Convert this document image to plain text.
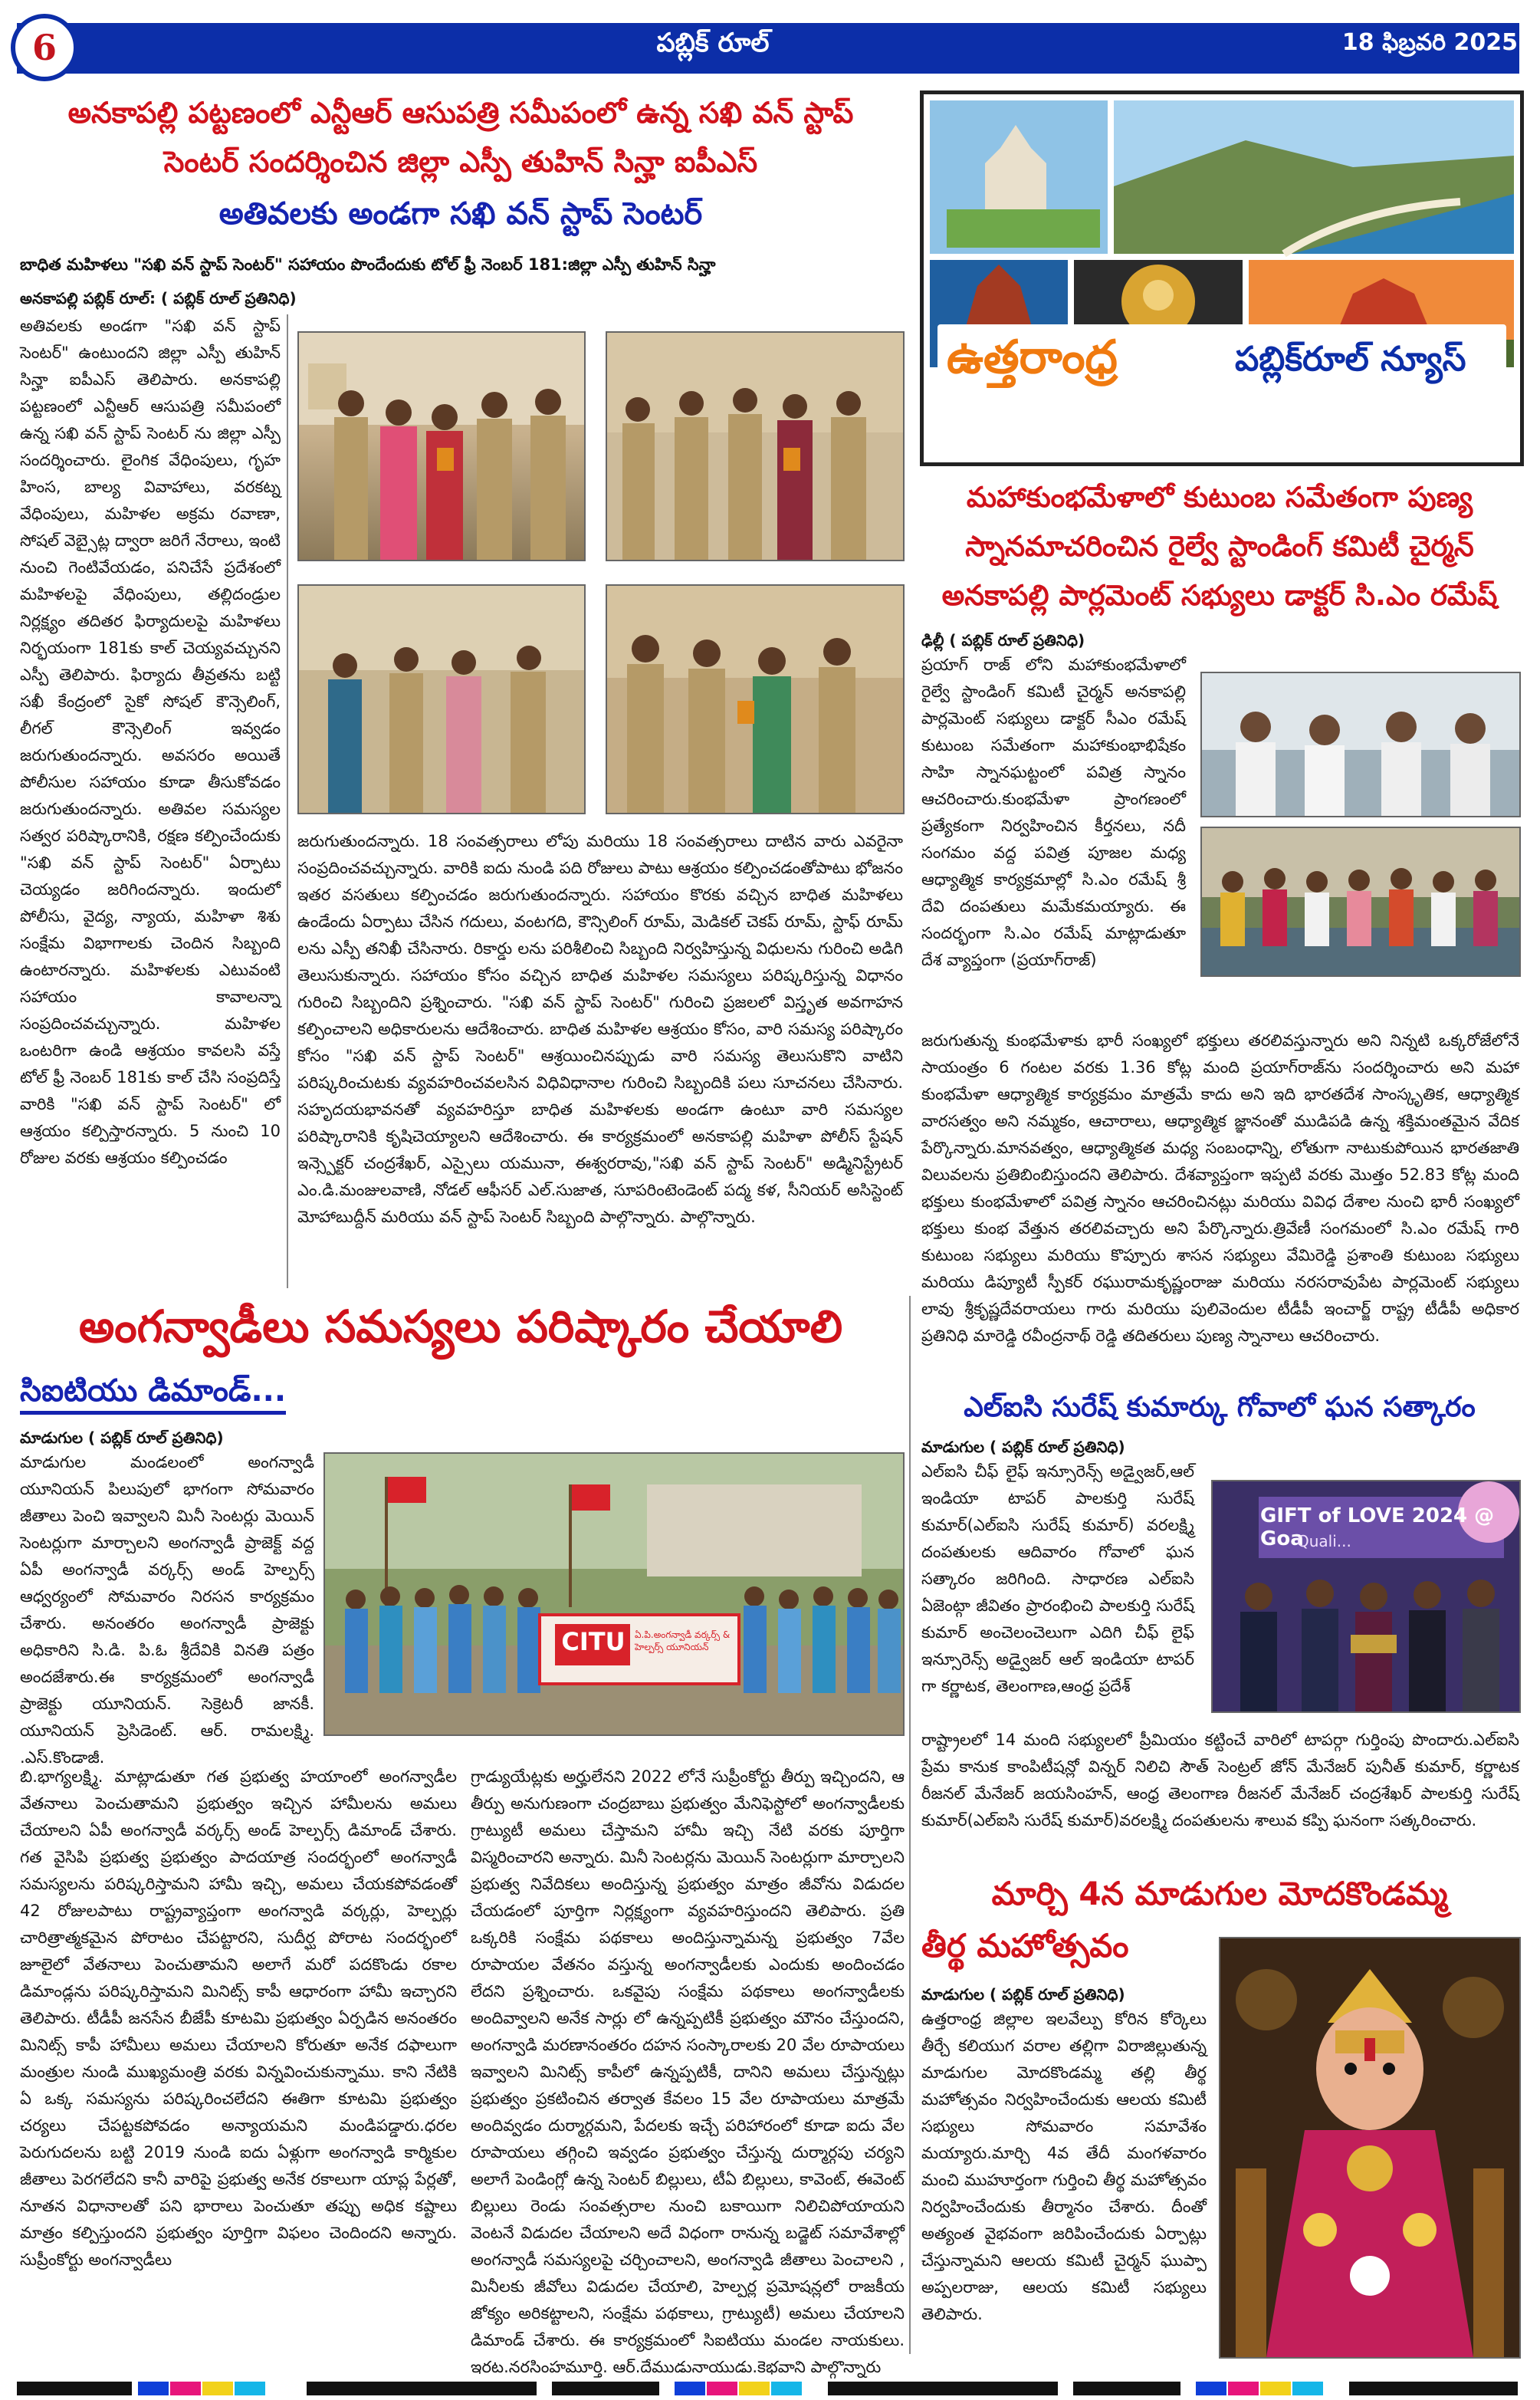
6	పబ్లిక్ రూల్	18 ఫిబ్రవరి 2025
అనకాపల్లి పట్టణంలో ఎన్టీఆర్ ఆసుపత్రి సమీపంలో ఉన్న సఖి వన్ స్టాప్
సెంటర్ సందర్శించిన జిల్లా ఎస్పీ తుహిన్ సిన్హా ఐపీఎస్
అతివలకు అండగా సఖి వన్ స్టాప్ సెంటర్
బాధిత మహిళలు "సఖి వన్ స్టాప్ సెంటర్" సహాయం పొందేందుకు టోల్ ఫ్రీ నెంబర్ 181:జిల్లా ఎస్పీ తుహిన్ సిన్హా
అనకాపల్లి పబ్లిక్ రూల్: ( పబ్లిక్ రూల్ ప్రతినిధి)

అతివలకు అండగా "సఖి వన్ స్టాప్ సెంటర్" ఉంటుందని జిల్లా ఎస్పీ తుహిన్ సిన్హా ఐపీఎస్ తెలిపారు. అనకాపల్లి పట్టణంలో ఎన్టీఆర్ ఆసుపత్రి సమీపంలో ఉన్న సఖి వన్ స్టాప్ సెంటర్ ను జిల్లా ఎస్పీ సందర్శించారు. లైంగిక వేధింపులు, గృహ హింస, బాల్య వివాహాలు, వరకట్న వేధింపులు, మహిళల అక్రమ రవాణా, సోషల్ వెబ్సైట్ల ద్వారా జరిగే నేరాలు, ఇంటి నుంచి గెంటివేయడం, పనిచేసే ప్రదేశంలో మహిళలపై వేధింపులు, తల్లిదండ్రుల నిర్లక్ష్యం తదితర ఫిర్యాదులపై మహిళలు నిర్భయంగా 181కు కాల్ చెయ్యవచ్చునని ఎస్పీ తెలిపారు. ఫిర్యాదు తీవ్రతను బట్టి సఖీ కేంద్రంలో సైకో సోషల్ కౌన్సెలింగ్, లీగల్ కౌన్సెలింగ్ ఇవ్వడం జరుగుతుందన్నారు. అవసరం అయితే పోలీసుల సహాయం కూడా తీసుకోవడం జరుగుతుందన్నారు. అతివల సమస్యల సత్వర పరిష్కారానికి, రక్షణ కల్పించేందుకు "సఖి వన్ స్టాప్ సెంటర్" ఏర్పాటు చెయ్యడం జరిగిందన్నారు. ఇందులో పోలీసు, వైద్య, న్యాయ, మహిళా శిశు సంక్షేమ విభాగాలకు చెందిన సిబ్బంది ఉంటారన్నారు. మహిళలకు ఎటువంటి సహాయం కావాలన్నా సంప్రదించవచ్చున్నారు. మహిళల ఒంటరిగా ఉండి ఆశ్రయం కావలసి వస్తే టోల్ ఫ్రీ నెంబర్ 181కు కాల్ చేసి సంప్రదిస్తే వారికి "సఖి వన్ స్టాప్ సెంటర్" లో ఆశ్రయం కల్పిస్తారన్నారు. 5 నుంచి 10 రోజుల వరకు ఆశ్రయం కల్పించడం

జరుగుతుందన్నారు. 18 సంవత్సరాలు లోపు మరియు 18 సంవత్సరాలు దాటిన వారు ఎవరైనా సంప్రదించవచ్చున్నారు. వారికి ఐదు నుండి పది రోజులు పాటు ఆశ్రయం కల్పించడంతోపాటు భోజనం ఇతర వసతులు కల్పించడం జరుగుతుందన్నారు. సహాయం కొరకు వచ్చిన బాధిత మహిళలు ఉండేందు ఏర్పాటు చేసిన గదులు, వంటగది, కౌన్సిలింగ్ రూమ్, మెడికల్ చెకప్ రూమ్, స్టాఫ్ రూమ్ లను ఎస్పీ తనిఖీ చేసినారు. రికార్డు లను పరిశీలించి సిబ్బంది నిర్వహిస్తున్న విధులను గురించి అడిగి తెలుసుకున్నారు. సహాయం కోసం వచ్చిన బాధిత మహిళల సమస్యలు పరిష్కరిస్తున్న విధానం గురించి సిబ్బందిని ప్రశ్నించారు. "సఖి వన్ స్టాప్ సెంటర్" గురించి ప్రజలలో విస్తృత అవగాహన కల్పించాలని అధికారులను ఆదేశించారు. బాధిత మహిళల ఆశ్రయం కోసం, వారి సమస్య పరిష్కారం కోసం "సఖి వన్ స్టాప్ సెంటర్" ఆశ్రయించినప్పుడు వారి సమస్య తెలుసుకొని వాటిని పరిష్కరించుటకు వ్యవహరించవలసిన విధివిధానాల గురించి సిబ్బందికి పలు సూచనలు చేసినారు. సహృదయభావనతో వ్యవహరిస్తూ బాధిత మహిళలకు అండగా ఉంటూ వారి సమస్యల పరిష్కారానికి కృషిచెయ్యాలని ఆదేశించారు. ఈ కార్యక్రమంలో అనకాపల్లి మహిళా పోలీస్ స్టేషన్ ఇన్స్పెక్టర్ చంద్రశేఖర్, ఎస్సైలు యమునా, ఈశ్వరరావు,"సఖి వన్ స్టాప్ సెంటర్" అడ్మినిస్ట్రేటర్ ఎం.డి.మంజులవాణి, నోడల్ ఆఫీసర్ ఎల్.సుజాత, సూపరింటెండెంట్ పద్మ కళ, సీనియర్ అసిస్టెంట్ మోహాబుద్దీన్ మరియు వన్ స్టాప్ సెంటర్ సిబ్బంది పాల్గొన్నారు. పాల్గొన్నారు.

ఉత్తరాంధ్ర	పబ్లిక్‌రూల్ న్యూస్
మహాకుంభమేళాలో కుటుంబ సమేతంగా పుణ్య
స్నానమాచరించిన రైల్వే స్టాండింగ్ కమిటీ చైర్మన్
అనకాపల్లి పార్లమెంట్ సభ్యులు డాక్టర్ సి.ఎం రమేష్
ఢిల్లీ ( పబ్లిక్ రూల్ ప్రతినిధి)

ప్రయాగ్ రాజ్ లోని మహాకుంభమేళాలో రైల్వే స్టాండింగ్ కమిటీ చైర్మన్ అనకాపల్లి పార్లమెంట్ సభ్యులు డాక్టర్ సీఎం రమేష్ కుటుంబ సమేతంగా మహాకుంభాభిషేకం సాహి స్నానఘట్టంలో పవిత్ర స్నానం ఆచరించారు.కుంభమేళా ప్రాంగణంలో ప్రత్యేకంగా నిర్వహించిన కీర్తనలు, నదీ సంగమం వద్ద పవిత్ర పూజల మధ్య ఆధ్యాత్మిక కార్యక్రమాల్లో సి.ఎం రమేష్ శ్రీ దేవి దంపతులు మమేకమయ్యారు. ఈ సందర్భంగా సి.ఎం రమేష్ మాట్లాడుతూ దేశ వ్యాప్తంగా (ప్రయాగ్‌రాజ్‌)

జరుగుతున్న కుంభమేళాకు భారీ సంఖ్యలో భక్తులు తరలివస్తున్నారు అని నిన్నటి ఒక్కరోజేలోనే సాయంత్రం 6 గంటల వరకు 1.36 కోట్ల మంది ప్రయాగ్‌రాజ్‌ను సందర్శించారు అని మహా కుంభమేళా ఆధ్యాత్మిక కార్యక్రమం మాత్రమే కాదు అని ఇది భారతదేశ సాంస్కృతిక, ఆధ్యాత్మిక వారసత్వం అని నమ్మకం, ఆచారాలు, ఆధ్యాత్మిక జ్ఞానంతో ముడిపడి ఉన్న శక్తిమంతమైన వేదిక పేర్కొన్నారు.మానవత్వం, ఆధ్యాత్మికత మధ్య సంబంధాన్ని, లోతుగా నాటుకుపోయిన భారతజాతి విలువలను ప్రతిబింబిస్తుందని తెలిపారు. దేశవ్యాప్తంగా ఇప్పటి వరకు మొత్తం 52.83 కోట్ల మంది భక్తులు కుంభమేళాలో పవిత్ర స్నానం ఆచరించినట్లు మరియు వివిధ దేశాల నుంచి భారీ సంఖ్యలో భక్తులు కుంభ వేత్తున తరలివచ్చారు అని పేర్కొన్నారు.త్రివేణీ సంగమంలో సి.ఎం రమేష్ గారి కుటుంబ సభ్యులు మరియు కొప్పూరు శాసన సభ్యులు వేమిరెడ్డి ప్రశాంతి కుటుంబ సభ్యులు మరియు డిప్యూటీ స్పీకర్ రఘురామకృష్ణంరాజు మరియు నరసరావుపేట పార్లమెంట్ సభ్యులు లావు శ్రీకృష్ణదేవరాయలు గారు మరియు పులివెందుల టీడీపీ ఇంచార్జ్ రాష్ట్ర టీడీపీ అధికార ప్రతినిధి మారెడ్డి రవీంద్రనాథ్ రెడ్డి తదితరులు పుణ్య స్నానాలు ఆచరించారు.

అంగన్వాడీలు సమస్యలు పరిష్కారం చేయాలి
సిఐటియు డిమాండ్...
మాడుగుల ( పబ్లిక్ రూల్ ప్రతినిధి)

మాడుగుల మండలంలో అంగన్వాడీ యూనియన్ పిలుపులో భాగంగా సోమవారం జీతాలు పెంచి ఇవ్వాలని మినీ సెంటర్లు మెయిన్ సెంటర్లుగా మార్చాలని అంగన్వాడీ ప్రాజెక్ట్ వద్ద ఏపీ అంగన్వాడీ వర్కర్స్ అండ్ హెల్పర్స్ ఆధ్వర్యంలో సోమవారం నిరసన కార్యక్రమం చేశారు. అనంతరం అంగన్వాడీ ప్రాజెక్టు అధికారిని సి.డి. పి.ఓ శ్రీదేవికి వినతి పత్రం అందజేశారు.ఈ కార్యక్రమంలో అంగన్వాడీ ప్రాజెక్టు యూనియన్. సెక్రెటరీ జానకీ. యూనియన్ ప్రెసిడెంట్. ఆర్. రామలక్ష్మి. .ఎస్.కొండాజీ.

CITU	ఏ.పి.అంగన్వాడీ వర్కర్స్ & హెల్పర్స్ యూనియన్

బి.భాగ్యలక్ష్మి. మాట్లాడుతూ గత ప్రభుత్వ హయాంలో అంగన్వాడీల వేతనాలు పెంచుతామని ప్రభుత్వం ఇచ్చిన హామీలను అమలు చేయాలని ఏపీ అంగన్వాడీ వర్కర్స్ అండ్ హెల్పర్స్ డిమాండ్ చేశారు. గత వైసిపి ప్రభుత్వ ప్రభుత్వం పాదయాత్ర సందర్భంలో అంగన్వాడీ సమస్యలను పరిష్కరిస్తామని హామీ ఇచ్చి, అమలు చేయకపోవడంతో 42 రోజులపాటు రాష్ట్రవ్యాప్తంగా అంగన్వాడి వర్కర్లు, హెల్పర్లు చారిత్రాత్మకమైన పోరాటం చేపట్టారని, సుదీర్ఘ పోరాట సందర్భంలో జూలైలో వేతనాలు పెంచుతామని అలాగే మరో పదకొండు రకాల డిమాండ్లను పరిష్కరిస్తామని మినిట్స్ కాపీ ఆధారంగా హామీ ఇచ్చారని తెలిపారు. టీడీపీ జనసేన బీజేపీ కూటమి ప్రభుత్వం ఏర్పడిన అనంతరం మినిట్స్ కాపీ హామీలు అమలు చేయాలని కోరుతూ అనేక దఫాలుగా మంత్రుల నుండి ముఖ్యమంత్రి వరకు విన్నవించుకున్నాము. కాని నేటికి ఏ ఒక్క సమస్యను పరిష్కరించలేదని ఈతిగా కూటమి ప్రభుత్వం చర్యలు చేపట్టకపోవడం అన్యాయమని మండిపడ్డారు.ధరల పెరుగుదలను బట్టి 2019 నుండి ఐదు ఏళ్లుగా అంగన్వాడి కార్మికుల జీతాలు పెరగలేదని కానీ వారిపై ప్రభుత్వ అనేక రకాలుగా యాప్ల పేర్లతో, నూతన విధానాలతో పని భారాలు పెంచుతూ తప్పు అధిక కష్టాలు మాత్రం కల్పిస్తుందని ప్రభుత్వం పూర్తిగా విఫలం చెందిందని అన్నారు. సుప్రీంకోర్టు అంగన్వాడీలు

గ్రాడ్యుయేట్లకు అర్హులేనని 2022 లోనే సుప్రీంకోర్టు తీర్పు ఇచ్చిందని, ఆ తీర్పు అనుగుణంగా చంద్రబాబు ప్రభుత్వం మేనిఫెస్టోలో అంగన్వాడీలకు గ్రాట్యుటీ అమలు చేస్తామని హామీ ఇచ్చి నేటి వరకు పూర్తిగా విస్మరించారని అన్నారు. మినీ సెంటర్లను మెయిన్ సెంటర్లుగా మార్చాలని ప్రభుత్వ నివేదికలు అందిస్తున్న ప్రభుత్వం మాత్రం జీవోను విడుదల చేయడంలో పూర్తిగా నిర్లక్ష్యంగా వ్యవహరిస్తుందని తెలిపారు. ప్రతి ఒక్కరికి సంక్షేమ పథకాలు అందిస్తున్నామన్న ప్రభుత్వం 7వేల రూపాయల వేతనం వస్తున్న అంగన్వాడీలకు ఎందుకు అందించడం లేదని ప్రశ్నించారు. ఒకవైపు సంక్షేమ పథకాలు అంగన్వాడీలకు అందివ్వాలని అనేక సార్లు లో ఉన్నప్పటికీ ప్రభుత్వం మౌనం చేస్తుందని, అంగన్వాడి మరణానంతరం దహన సంస్కారాలకు 20 వేల రూపాయలు ఇవ్వాలని మినిట్స్ కాపీలో ఉన్నప్పటికీ, దానిని అమలు చేస్తున్నట్లు ప్రభుత్వం ప్రకటించిన తర్వాత కేవలం 15 వేల రూపాయలు మాత్రమే అందివ్వడం దుర్మార్గమని, పేదలకు ఇచ్చే పరిహారంలో కూడా ఐదు వేల రూపాయలు తగ్గించి ఇవ్వడం ప్రభుత్వం చేస్తున్న దుర్మార్గపు చర్యని అలాగే పెండింగ్లో ఉన్న సెంటర్ బిల్లులు, టీఏ బిల్లులు, కావెంట్, ఈవెంట్ బిల్లులు రెండు సంవత్సరాల నుంచి బకాయిగా నిలిచిపోయాయని వెంటనే విడుదల చేయాలని అదే విధంగా రానున్న బడ్జెట్ సమావేశాల్లో అంగన్వాడీ సమస్యలపై చర్చించాలని, అంగన్వాడి జీతాలు పెంచాలని , మినీలకు జీవోలు విడుదల చేయాలి, హెల్పర్ల ప్రమోషన్లలో రాజకీయ జోక్యం అరికట్టాలని, సంక్షేమ పథకాలు, గ్రాట్యుటీ) అమలు చేయాలని డిమాండ్ చేశారు. ఈ కార్యక్రమంలో సిఐటియు మండల నాయకులు. ఇరట.నరసింహమూర్తి. ఆర్.దేముడునాయుడు.కెభవాని పాల్గొన్నారు

ఎల్ఐసి సురేష్ కుమార్కు గోవాలో ఘన సత్కారం
మాడుగుల ( పబ్లిక్ రూల్ ప్రతినిధి)

ఎల్ఐసి చీఫ్ లైఫ్ ఇన్సూరెన్స్ అడ్వైజర్,ఆల్ ఇండియా టాపర్ పాలకుర్తి సురేష్ కుమార్(ఎల్ఐసి సురేష్ కుమార్) వరలక్ష్మి దంపతులకు ఆదివారం గోవాలో ఘన సత్కారం జరిగింది. సాధారణ ఎల్ఐసి ఏజెంట్గా జీవితం ప్రారంభించి పాలకుర్తి సురేష్ కుమార్ అంచెలంచెలుగా ఎదిగి చీఫ్ లైఫ్ ఇన్సూరెన్స్ అడ్వైజర్ ఆల్ ఇండియా టాపర్ గా కర్ణాటక, తెలంగాణ,ఆంధ్ర ప్రదేశ్

GIFT of LOVE 2024 @ Goa
Quali...

రాష్ట్రాలలో 14 మంది సభ్యులలో ప్రీమియం కట్టించే వారిలో టాపర్గా గుర్తింపు పొందారు.ఎల్ఐసి ప్రేమ కానుక కాంపిటీషన్లో విన్నర్ నిలిచి సౌత్ సెంట్రల్ జోన్ మేనేజర్ పునీత్ కుమార్, కర్ణాటక రీజనల్ మేనేజర్ జయసింహన్, ఆంధ్ర తెలంగాణ రీజనల్ మేనేజర్ చంద్రశేఖర్ పాలకుర్తి సురేష్ కుమార్(ఎల్ఐసి సురేష్ కుమార్)వరలక్ష్మి దంపతులను శాలువ కప్పి ఘనంగా సత్కరించారు.

మార్చి 4న మాడుగుల మోదకొండమ్మ
తీర్థ మహోత్సవం
మాడుగుల ( పబ్లిక్ రూల్ ప్రతినిధి)

ఉత్తరాంధ్ర జిల్లాల ఇలవేల్పు కోరిన కోర్కెలు తీర్చే కలియుగ వరాల తల్లిగా విరాజిల్లుతున్న మాడుగుల మోదకొండమ్మ తల్లి తీర్థ మహోత్సవం నిర్వహించేందుకు ఆలయ కమిటీ సభ్యులు సోమవారం సమావేశం మయ్యారు.మార్చి 4వ తేదీ మంగళవారం మంచి ముహూర్తంగా గుర్తించి తీర్థ మహోత్సవం నిర్వహించేందుకు తీర్మానం చేశారు. దీంతో అత్యంత వైభవంగా జరిపించేందుకు ఏర్పాట్లు చేస్తున్నామని ఆలయ కమిటీ చైర్మన్ ఘుప్పా అప్పలరాజు, ఆలయ కమిటీ సభ్యులు తెలిపారు.
